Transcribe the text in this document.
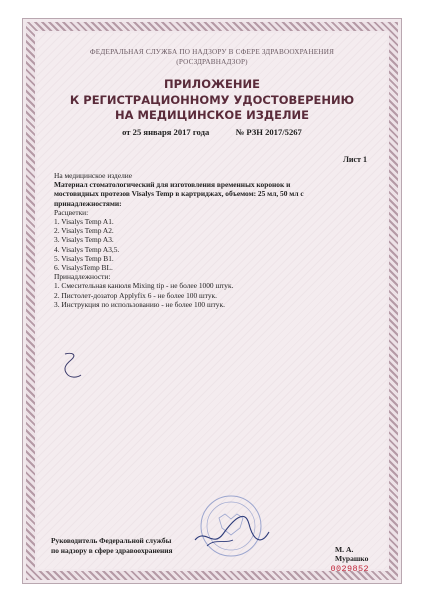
ФЕДЕРАЛЬНАЯ СЛУЖБА ПО НАДЗОРУ В СФЕРЕ ЗДРАВООХРАНЕНИЯ
(РОСЗДРАВНАДЗОР)
ПРИЛОЖЕНИЕ
К РЕГИСТРАЦИОННОМУ УДОСТОВЕРЕНИЮ
НА МЕДИЦИНСКОЕ ИЗДЕЛИЕ
от 25 января 2017 года	№ РЗН 2017/5267
Лист 1
На медицинское изделие
Материал стоматологический для изготовления временных коронок и
мостовидных протезов Visalys Temp в картриджах, объемом: 25 мл, 50 мл с
принадлежностями:
Расцветки:
1. Visalys Temp A1.
2. Visalys Temp A2.
3. Visalys Temp A3.
4. Visalys Temp A3,5.
5. Visalys Temp B1.
6. VisalysTemp BL.
Принадлежности:
1. Смесительная канюля Mixing tip - не более 1000 штук.
2. Пистолет-дозатор Applyfix 6 - не более 100 штук.
3. Инструкция по использованию - не более 100 штук.
Руководитель Федеральной службы
по надзору в сфере здравоохранения	М. А. Мурашко
0029852
